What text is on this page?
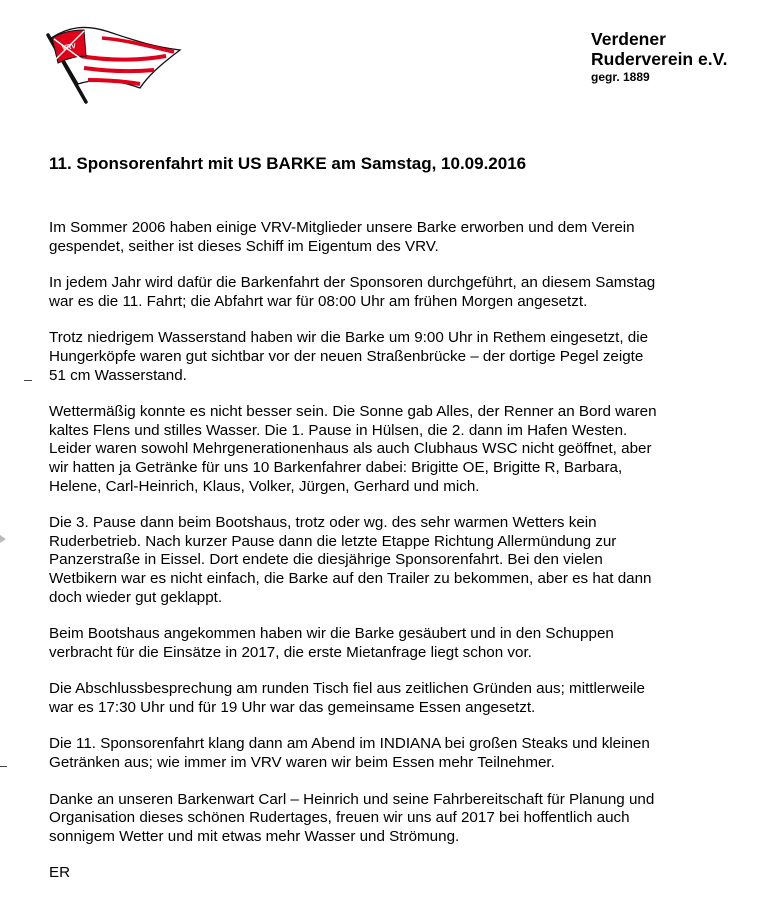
VRV	Verdener
Ruderverein e.V.
gegr. 1889
11. Sponsorenfahrt mit US BARKE am Samstag, 10.09.2016

Im Sommer 2006 haben einige VRV-Mitglieder unsere Barke erworben und dem Verein
gespendet, seither ist dieses Schiff im Eigentum des VRV.

In jedem Jahr wird dafür die Barkenfahrt der Sponsoren durchgeführt, an diesem Samstag
war es die 11. Fahrt; die Abfahrt war für 08:00 Uhr am frühen Morgen angesetzt.

Trotz niedrigem Wasserstand haben wir die Barke um 9:00 Uhr in Rethem eingesetzt, die
Hungerköpfe waren gut sichtbar vor der neuen Straßenbrücke – der dortige Pegel zeigte
51 cm Wasserstand.

Wettermäßig konnte es nicht besser sein. Die Sonne gab Alles, der Renner an Bord waren
kaltes Flens und stilles Wasser. Die 1. Pause in Hülsen, die 2. dann im Hafen Westen.
Leider waren sowohl Mehrgenerationenhaus als auch Clubhaus WSC nicht geöffnet, aber
wir hatten ja Getränke für uns 10 Barkenfahrer dabei: Brigitte OE, Brigitte R, Barbara,
Helene, Carl-Heinrich, Klaus, Volker, Jürgen, Gerhard und mich.

Die 3. Pause dann beim Bootshaus, trotz oder wg. des sehr warmen Wetters kein
Ruderbetrieb. Nach kurzer Pause dann die letzte Etappe Richtung Allermündung zur
Panzerstraße in Eissel. Dort endete die diesjährige Sponsorenfahrt. Bei den vielen
Wetbikern war es nicht einfach, die Barke auf den Trailer zu bekommen, aber es hat dann
doch wieder gut geklappt.

Beim Bootshaus angekommen haben wir die Barke gesäubert und in den Schuppen
verbracht für die Einsätze in 2017, die erste Mietanfrage liegt schon vor.

Die Abschlussbesprechung am runden Tisch fiel aus zeitlichen Gründen aus; mittlerweile
war es 17:30 Uhr und für 19 Uhr war das gemeinsame Essen angesetzt.

Die 11. Sponsorenfahrt klang dann am Abend im INDIANA bei großen Steaks und kleinen
Getränken aus; wie immer im VRV waren wir beim Essen mehr Teilnehmer.

Danke an unseren Barkenwart Carl – Heinrich und seine Fahrbereitschaft für Planung und
Organisation dieses schönen Rudertages, freuen wir uns auf 2017 bei hoffentlich auch
sonnigem Wetter und mit etwas mehr Wasser und Strömung.

ER
